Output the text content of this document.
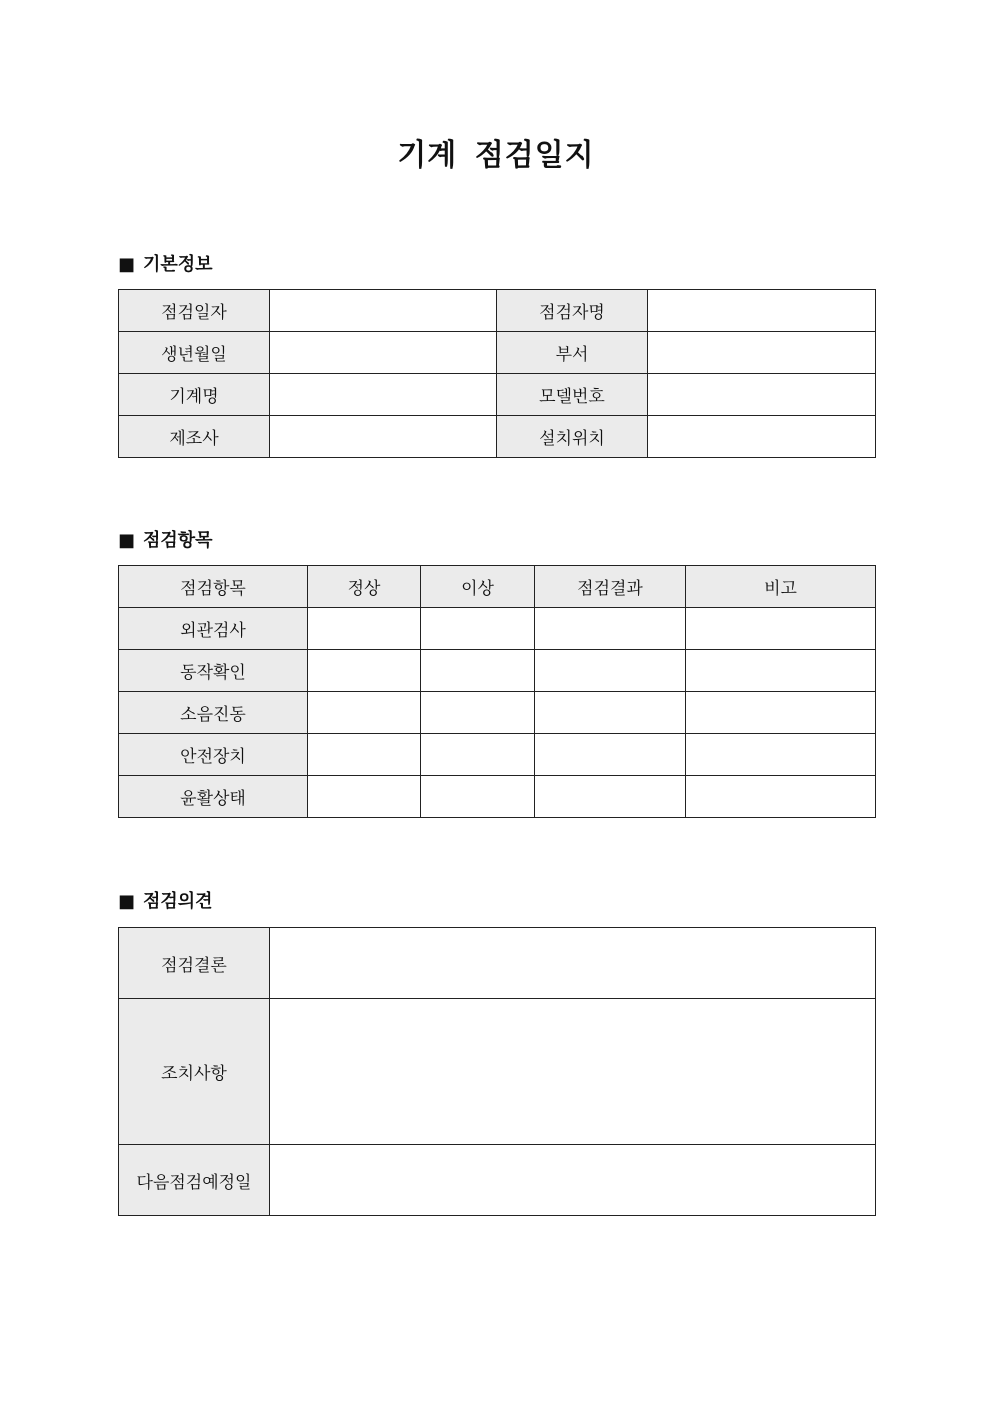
기계 점검일지
■ 기본정보
점검일자		점검자명	
생년월일		부서	
기계명		모델번호	
제조사		설치위치	
■ 점검항목
점검항목	정상	이상	점검결과	비고
외관검사				
동작확인				
소음진동				
안전장치				
윤활상태				
■ 점검의견
점검결론	
조치사항	
다음점검예정일	
